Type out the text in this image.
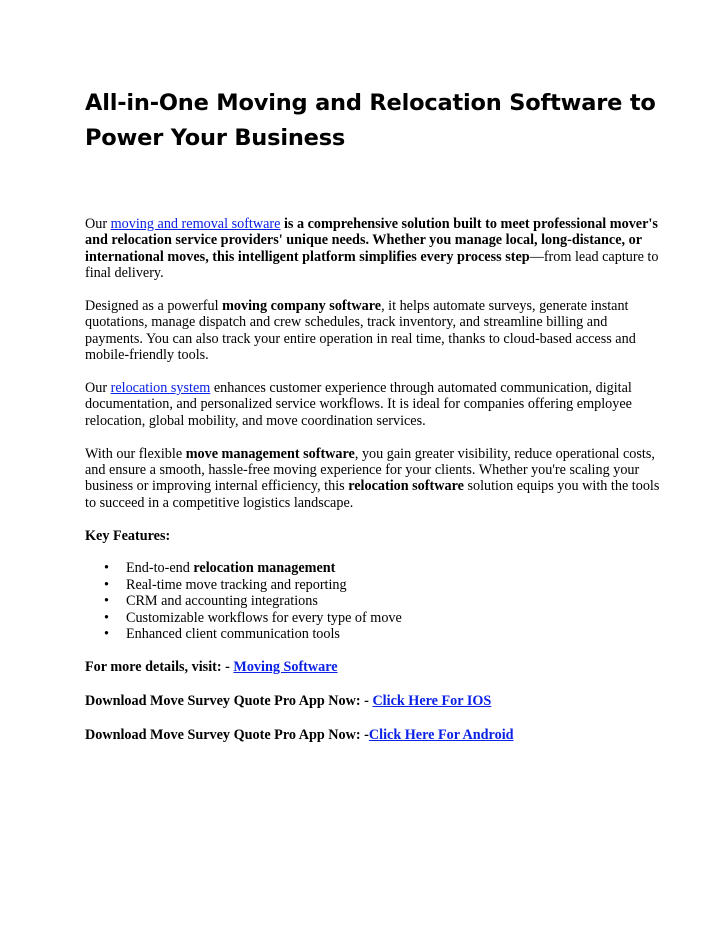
All-in-One Moving and Relocation Software to Power Your Business

Our moving and removal software is a comprehensive solution built to meet professional mover's and relocation service providers' unique needs. Whether you manage local, long-distance, or international moves, this intelligent platform simplifies every process step—from lead capture to final delivery.

Designed as a powerful moving company software, it helps automate surveys, generate instant quotations, manage dispatch and crew schedules, track inventory, and streamline billing and payments. You can also track your entire operation in real time, thanks to cloud-based access and mobile-friendly tools.

Our relocation system enhances customer experience through automated communication, digital documentation, and personalized service workflows. It is ideal for companies offering employee relocation, global mobility, and move coordination services.

With our flexible move management software, you gain greater visibility, reduce operational costs, and ensure a smooth, hassle-free moving experience for your clients. Whether you're scaling your business or improving internal efficiency, this relocation software solution equips you with the tools to succeed in a competitive logistics landscape.

Key Features:

• End-to-end relocation management
• Real-time move tracking and reporting
• CRM and accounting integrations
• Customizable workflows for every type of move
• Enhanced client communication tools

For more details, visit: - Moving Software

Download Move Survey Quote Pro App Now: - Click Here For IOS

Download Move Survey Quote Pro App Now: -Click Here For Android
